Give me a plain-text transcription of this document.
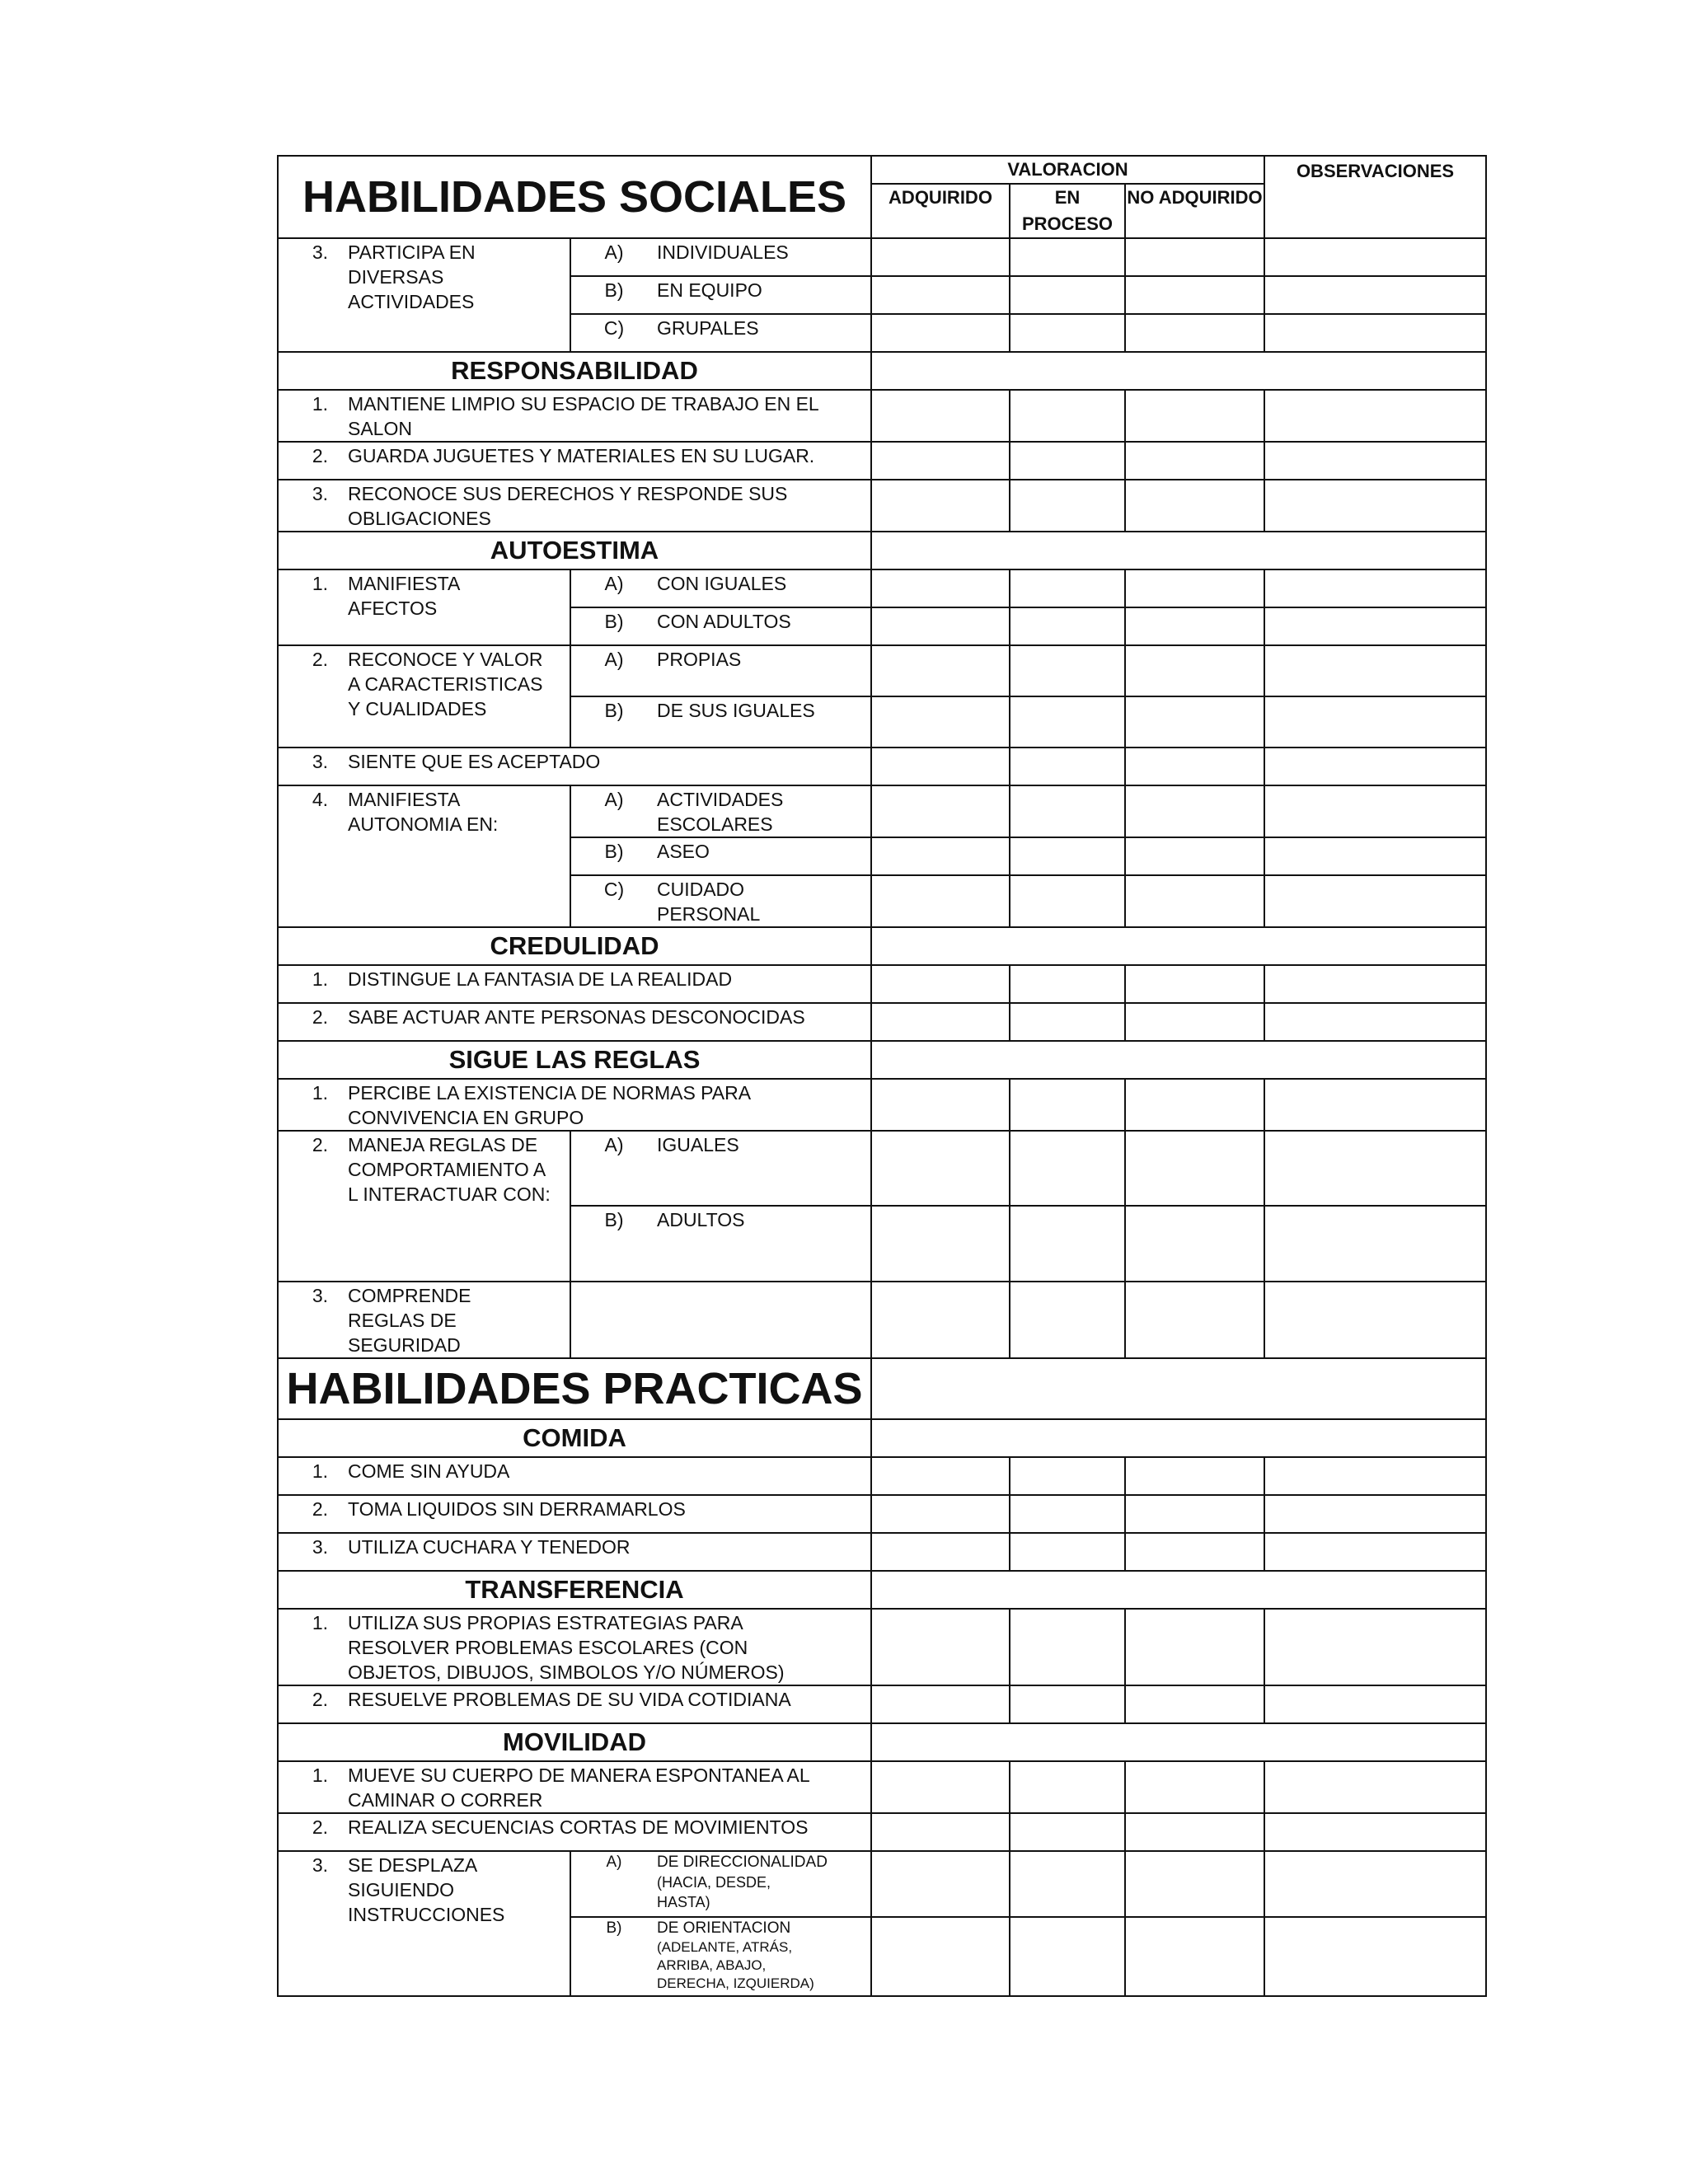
HABILIDADES SOCIALES		VALORACION			OBSERVACIONES
		ADQUIRIDO	EN PROCESO	NO ADQUIRIDO	

3. PARTICIPA EN DIVERSAS ACTIVIDADES	A) INDIVIDUALES				

	B) EN EQUIPO				

	C) GRUPALES				

RESPONSABILIDAD					

1. MANTIENE LIMPIO SU ESPACIO DE TRABAJO EN EL SALON					

2. GUARDA JUGUETES Y MATERIALES EN SU LUGAR.					

3. RECONOCE SUS DERECHOS Y RESPONDE SUS OBLIGACIONES					

AUTOESTIMA					

1. MANIFIESTA AFECTOS	A) CON IGUALES				

	B) CON ADULTOS				

2. RECONOCE Y VALORA CARACTERISTICAS Y CUALIDADES	A) PROPIAS				

	B) DE SUS IGUALES				

3. SIENTE QUE ES ACEPTADO					

4. MANIFIESTA AUTONOMIA EN:	A) ACTIVIDADES ESCOLARES				

	B) ASEO				

	C) CUIDADO PERSONAL				

CREDULIDAD					

1. DISTINGUE LA FANTASIA DE LA REALIDAD					

2. SABE ACTUAR ANTE PERSONAS DESCONOCIDAS					

SIGUE LAS REGLAS					

1. PERCIBE LA EXISTENCIA DE NORMAS PARA CONVIVENCIA EN GRUPO					

2. MANEJA REGLAS DE COMPORTAMIENTO AL INTERACTUAR CON:	A) IGUALES				

	B) ADULTOS				

3. COMPRENDE REGLAS DE SEGURIDAD					

HABILIDADES PRACTICAS					
COMIDA					

1. COME SIN AYUDA					

2. TOMA LIQUIDOS SIN DERRAMARLOS					

3. UTILIZA CUCHARA Y TENEDOR					

TRANSFERENCIA					

1. UTILIZA SUS PROPIAS ESTRATEGIAS PARA RESOLVER PROBLEMAS ESCOLARES (CON OBJETOS, DIBUJOS, SIMBOLOS Y/O NÚMEROS)					

2. RESUELVE PROBLEMAS DE SU VIDA COTIDIANA					

MOVILIDAD					

1. MUEVE SU CUERPO DE MANERA ESPONTANEA AL CAMINAR O CORRER					

2. REALIZA SECUENCIAS CORTAS DE MOVIMIENTOS					

3. SE DESPLAZA SIGUIENDO INSTRUCCIONES	A) DE DIRECCIONALIDAD
(HACIA, DESDE, HASTA)				

	B) DE ORIENTACION
(ADELANTE, ATRÁS, ARRIBA, ABAJO, DERECHA, IZQUIERDA)				
